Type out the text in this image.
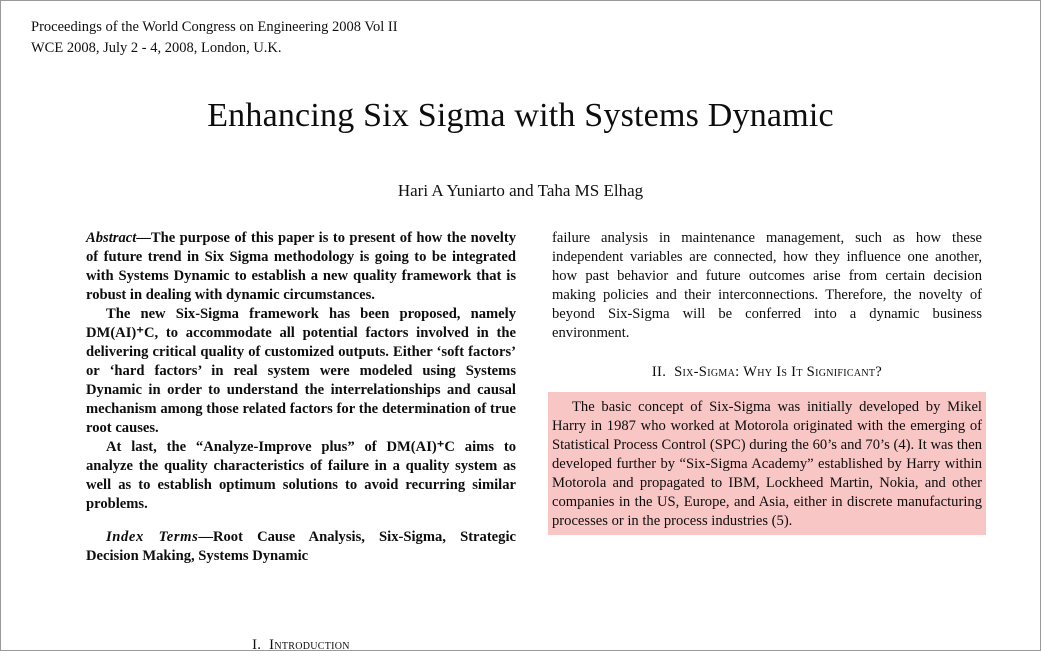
Proceedings of the World Congress on Engineering 2008 Vol II
WCE 2008, July 2 - 4, 2008, London, U.K.
Enhancing Six Sigma with Systems Dynamic
Hari A Yuniarto and Taha MS Elhag

Abstract—The purpose of this paper is to present of how the novelty of future trend in Six Sigma methodology is going to be integrated with Systems Dynamic to establish a new quality framework that is robust in dealing with dynamic circumstances.

The new Six-Sigma framework has been proposed, namely DM(AI)⁺C, to accommodate all potential factors involved in the delivering critical quality of customized outputs. Either ‘soft factors’ or ‘hard factors’ in real system were modeled using Systems Dynamic in order to understand the interrelationships and causal mechanism among those related factors for the determination of true root causes.

At last, the “Analyze-Improve plus” of DM(AI)⁺C aims to analyze the quality characteristics of failure in a quality system as well as to establish optimum solutions to avoid recurring similar problems.

Index Terms—Root Cause Analysis, Six-Sigma, Strategic Decision Making, Systems Dynamic

failure analysis in maintenance management, such as how these independent variables are connected, how they influence one another, how past behavior and future outcomes arise from certain decision making policies and their interconnections. Therefore, the novelty of beyond Six-Sigma will be conferred into a dynamic business environment.

II. Six-Sigma: Why Is It Significant?

The basic concept of Six-Sigma was initially developed by Mikel Harry in 1987 who worked at Motorola originated with the emerging of Statistical Process Control (SPC) during the 60’s and 70’s (4). It was then developed further by “Six-Sigma Academy” established by Harry within Motorola and propagated to IBM, Lockheed Martin, Nokia, and other companies in the US, Europe, and Asia, either in discrete manufacturing processes or in the process industries (5).

I. Introduction
